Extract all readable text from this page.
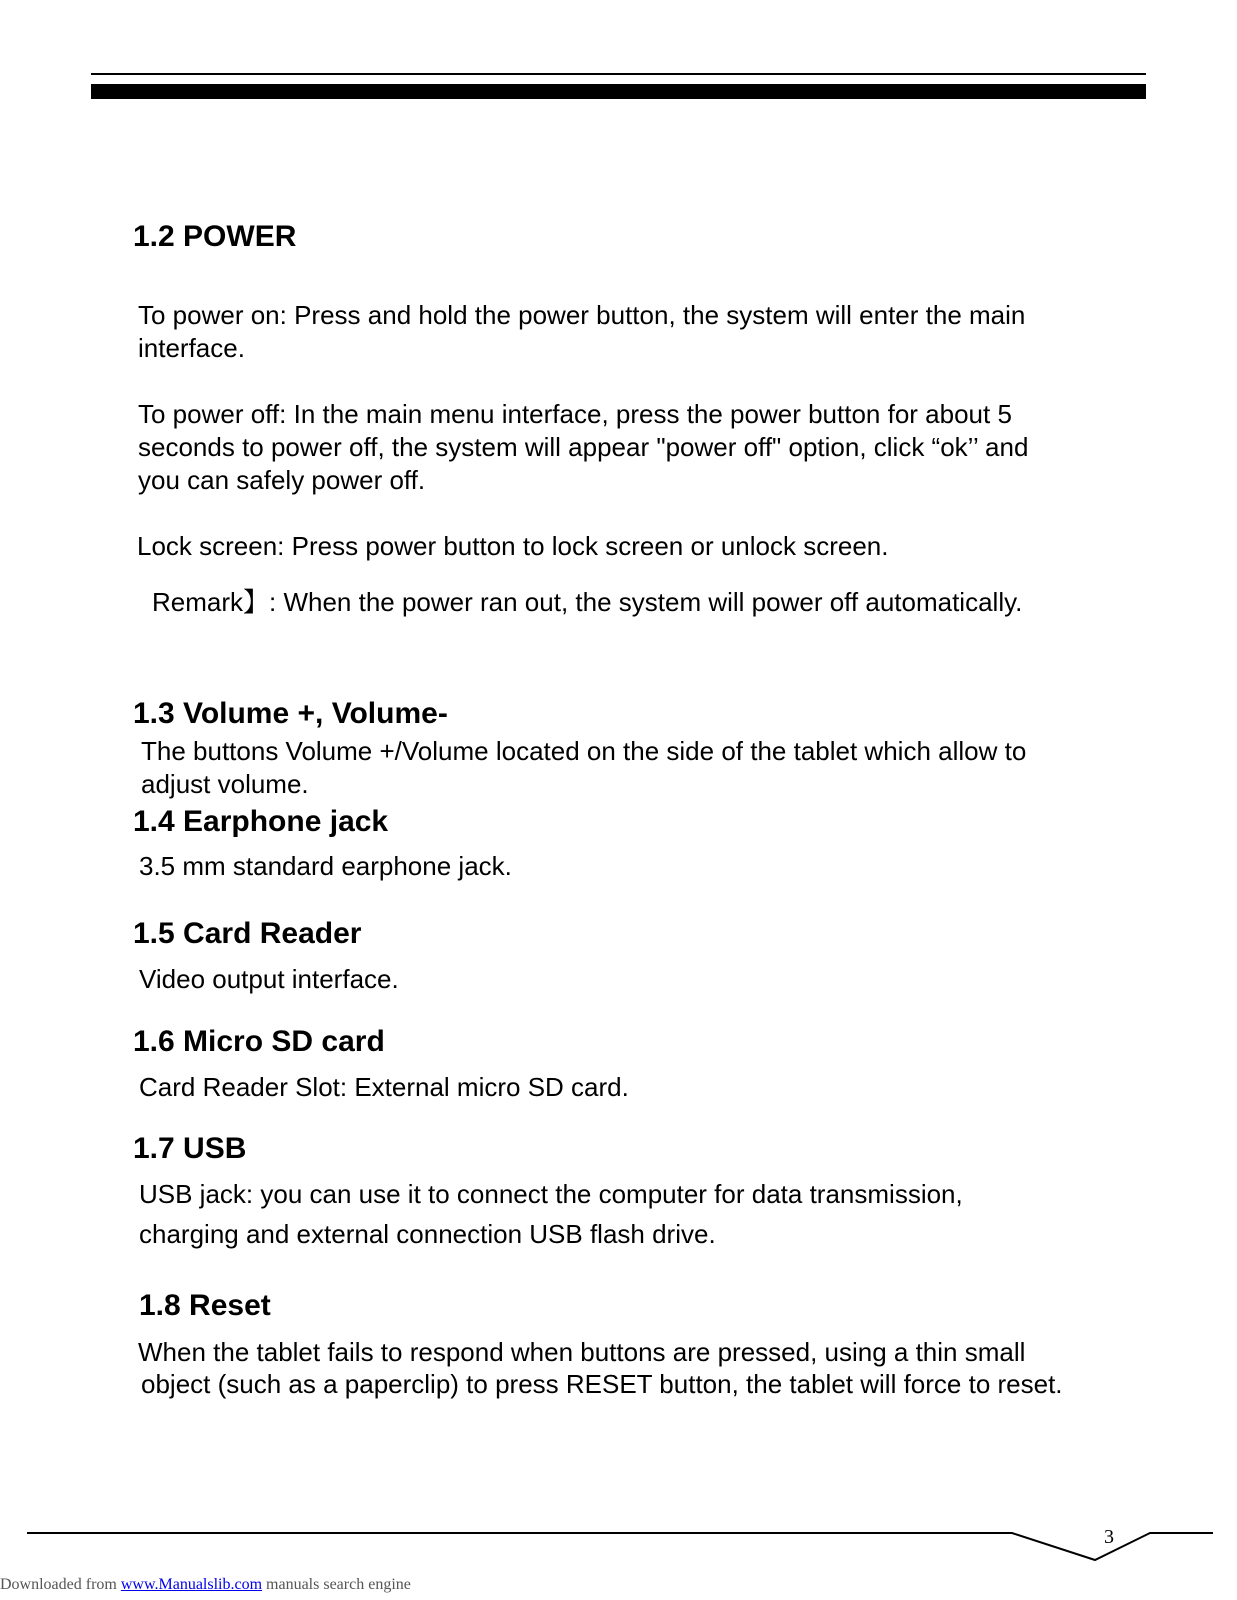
1.2 POWER

To power on: Press and hold the power button, the system will enter the main

interface.

To power off: In the main menu interface, press the power button for about 5

seconds to power off, the system will appear "power off" option, click “ok’’ and

you can safely power off.

Lock screen: Press power button to lock screen or unlock screen.

Remark】: When the power ran out, the system will power off automatically.

1.3 Volume +, Volume-

The buttons Volume +/Volume located on the side of the tablet which allow to

adjust volume.

1.4 Earphone jack

3.5 mm standard earphone jack.

1.5 Card Reader

Video output interface.

1.6 Micro SD card

Card Reader Slot: External micro SD card.

1.7 USB

USB jack: you can use it to connect the computer for data transmission,

charging and external connection USB flash drive.

1.8 Reset

When the tablet fails to respond when buttons are pressed, using a thin small

object (such as a paperclip) to press RESET button, the tablet will force to reset.

3
Downloaded from www.Manualslib.com manuals search engine
